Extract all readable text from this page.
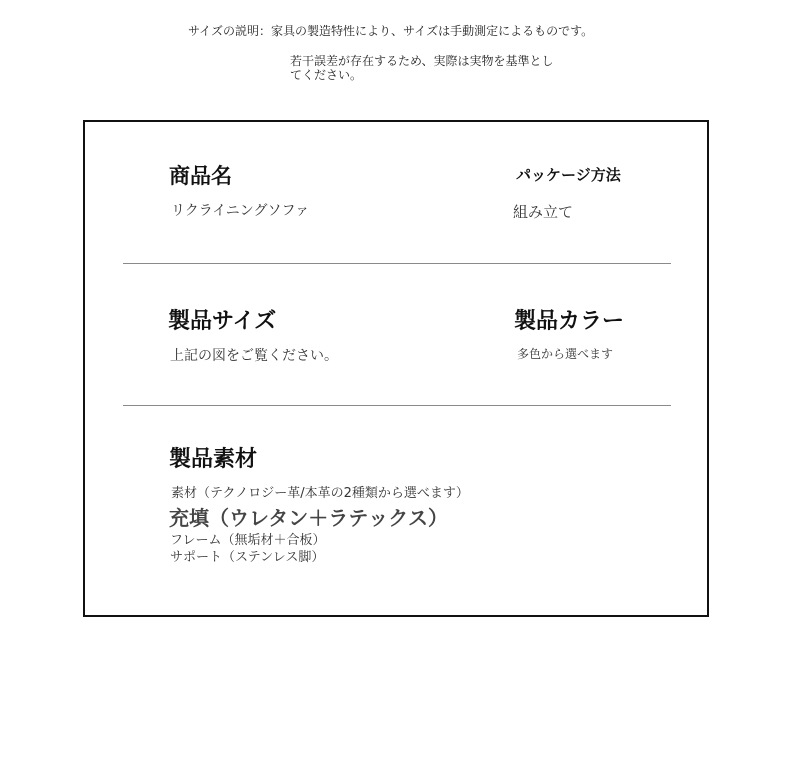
サイズの説明：家具の製造特性により、サイズは手動測定によるものです。

若干誤差が存在するため、実際は実物を基準としてください。

商品名

リクライニングソファ

パッケージ方法

組み立て

製品サイズ

上記の図をご覧ください。

製品カラー

多色から選べます

製品素材

素材（テクノロジー革/本革の2種類から選べます）

充填（ウレタン＋ラテックス）

フレーム（無垢材＋合板）サポート（ステンレス脚）
